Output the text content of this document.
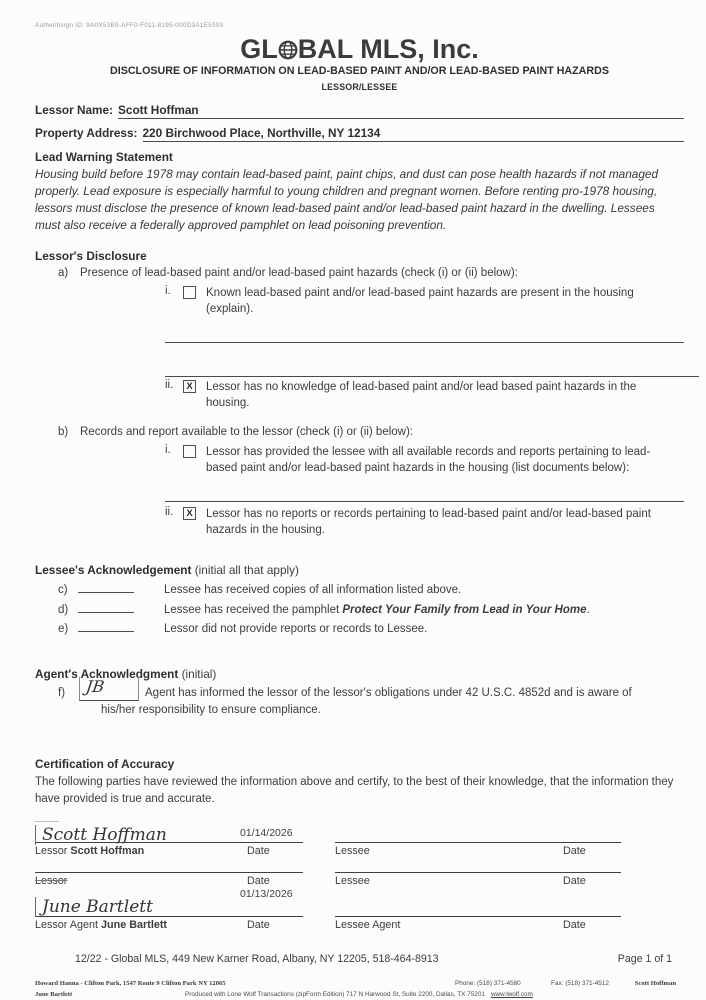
Authentisign ID: 9A0X53B9-AFF0-F011-8195-000D3A1E5303
GL BAL MLS, Inc.
DISCLOSURE OF INFORMATION ON LEAD-BASED PAINT AND/OR LEAD-BASED PAINT HAZARDS
LESSOR/LESSEE
Lessor Name: Scott Hoffman
Property Address: 220 Birchwood Place, Northville, NY 12134
Lead Warning Statement
Housing build before 1978 may contain lead-based paint, paint chips, and dust can pose health hazards if not managed properly. Lead exposure is especially harmful to young children and pregnant women. Before renting pro-1978 housing, lessors must disclose the presence of known lead-based paint and/or lead-based paint hazard in the dwelling. Lessees must also receive a federally approved pamphlet on lead poisoning prevention.
Lessor's Disclosure
a)	Presence of lead-based paint and/or lead-based paint hazards (check (i) or (ii) below):
i.	Known lead-based paint and/or lead-based paint hazards are present in the housing (explain).
ii.	X Lessor has no knowledge of lead-based paint and/or lead based paint hazards in the housing.
b)	Records and report available to the lessor (check (i) or (ii) below):
i.	Lessor has provided the lessee with all available records and reports pertaining to lead-based paint and/or lead-based paint hazards in the housing (list documents below):
ii.	X Lessor has no reports or records pertaining to lead-based paint and/or lead-based paint hazards in the housing.
Lessee's Acknowledgement (initial all that apply)
c)	Lessee has received copies of all information listed above.
d)	Lessee has received the pamphlet Protect Your Family from Lead in Your Home.
e)	Lessor did not provide reports or records to Lessee.
Agent's Acknowledgment (initial)
f)	JB	Agent has informed the lessor of the lessor's obligations under 42 U.S.C. 4852d and is aware of his/her responsibility to ensure compliance.
Certification of Accuracy
The following parties have reviewed the information above and certify, to the best of their knowledge, that the information they have provided is true and accurate.
Scott Hoffman	01/14/2026
Lessor Scott Hoffman	Date
Lessor	Date
June Bartlett
01/13/2026
Lessor Agent June Bartlett	Date
Lessee	Date
Lessee	Date
Lessee Agent	Date
12/22 - Global MLS, 449 New Karner Road, Albany, NY 12205, 518-464-8913	Page 1 of 1
Howard Hanna - Clifton Park, 1547 Route 9 Clifton Park NY 12065	Phone: (518) 371-4580	Fax: (518) 371-4512	Scott Hoffman
June Bartlett	Produced with Lone Wolf Transactions (zipForm Edition) 717 N Harwood St, Suite 2200, Dallas, TX 75201 www.lwolf.com
